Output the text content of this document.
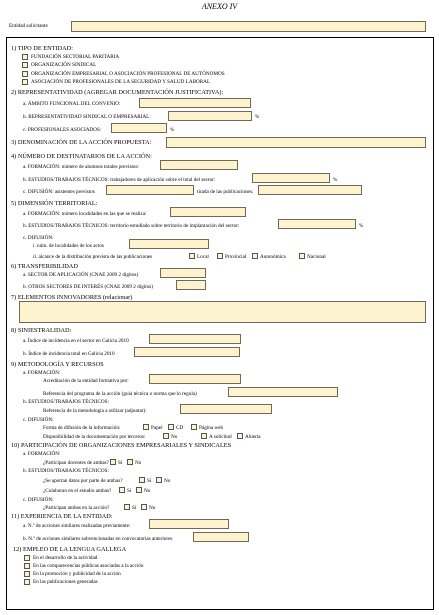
ANEXO IV
Entidad solicitante
1) TIPO DE ENTIDAD:
FUNDACIÓN SECTORIAL PARITARIA
ORGANIZACIÓN SINDICAL
ORGANIZACIÓN EMPRESARIAL O ASOCIACIÓN PROFESIONAL DE AUTÓNOMOS
ASOCIACIÓN DE PROFESIONALES DE LA SEGURIDAD Y SALUD LABORAL
2) REPRESENTATIVIDAD (AGREGAR DOCUMENTACIÓN JUSTIFICATIVA):
a. ÁMBITO FUNCIONAL DEL CONVENIO:
b. REPRESENTATIVIDAD SINDICAL O EMPRESARIAL:	%
c. PROFESIONALES ASOCIADOS:	%
3) DENOMINACIÓN DE LA ACCIÓN PROPUESTA:
4) NÚMERO DE DESTINATARIOS DE LA ACCIÓN:
a. FORMACIÓN: número de alumnos totales previstos:
b. ESTUDIOS/TRABAJOS TÉCNICOS: trabajadores de aplicación sobre el total del sector:	%
c. DIFUSIÓN: asistentes previstos	tirada de las publicaciones:
5) DIMENSIÓN TERRITORIAL:
a. FORMACIÓN: número localidades en las que se realiza:
b. ESTUDIOS/TRABAJOS TÉCNICOS: territorio estudiado sobre territorio de implantación del sector:	%
c. DIFUSIÓN:
i. núm. de localidades de los actos
ii. alcance de la distribución prevista de las publicaciones	Local	Provincial	Autonómica	Nacional
6) TRANSFERIBILIDAD
a. SECTOR DE APLICACIÓN (CNAE 2009 2 dígitos)
b. OTROS SECTORES DE INTERÉS (CNAE 2009 2 dígitos)
7) ELEMENTOS INNOVADORES (relacionar)
8) SINIESTRALIDAD:
a. Índice de incidencia en el sector en Galicia 2010
b. Índice de incidencia total en Galicia 2010
9) METODOLOGÍA Y RECURSOS
a. FORMACIÓN:
Acreditación de la entidad formativa por:
Referencia del programa de la acción (guía técnica o norma que lo regula)
b. ESTUDIOS/TRABAJOS TÉCNICOS:
Referencia de la metodología a utilizar (adjuntar):
c. DIFUSIÓN:
Forma de difusión de la información:	Papel	CD	Página web
Disponibilidad de la documentación por terceros:	No	A solicitud	Abierta
10) PARTICIPACIÓN DE ORGANIZACIONES EMPRESARIALES Y SINDICALES
a. FORMACIÓN:
¿Participan docentes de ambas? Sí No
b. ESTUDIOS/TRABAJOS TÉCNICOS:
¿Se aportan datos por parte de ambas?	Sí No
¿Colaboran en el estudio ambas?	Sí No
c. DIFUSIÓN:
¿Participan ambas en la acción?	Sí No
11) EXPERIENCIA DE LA ENTIDAD:
a. N.º de acciones similares realizadas previamente:
b. N.º de acciones similares subvencionadas en convocatorias anteriores
12) EMPLEO DE LA LENGUA GALLEGA
En el desarrollo de la actividad
En las comparecencias públicas asociadas a la acción
En la promoción y publicidad de la acción
En las publicaciones generadas
